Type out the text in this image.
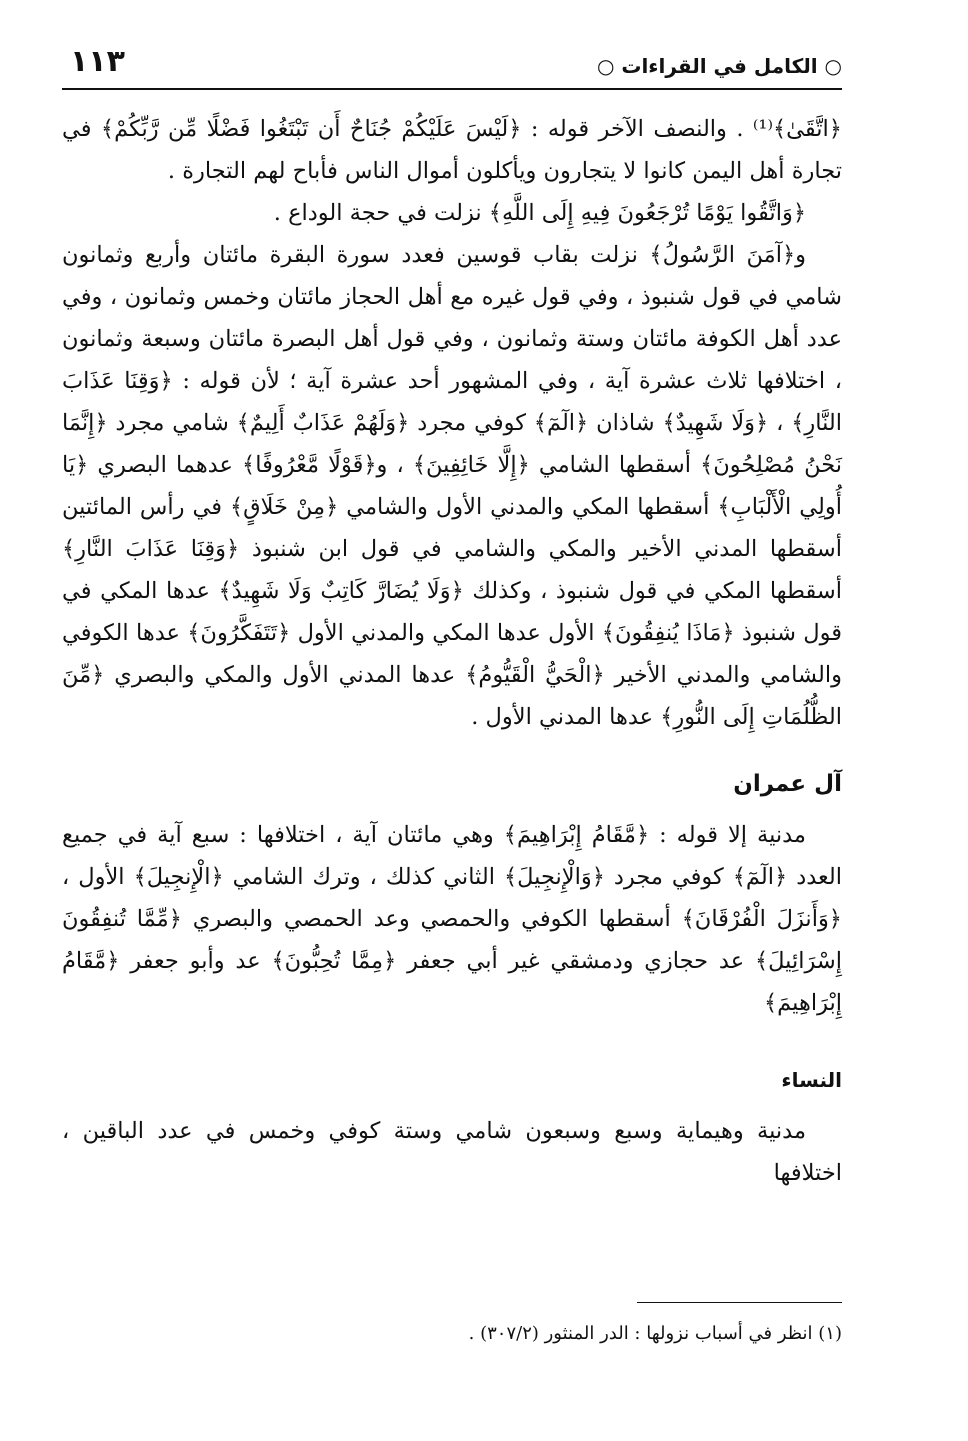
○ الكامل في القراءات ○
١١٣

﴿اتَّقَىٰ﴾⁽¹⁾ . والنصف الآخر قوله : ﴿لَيْسَ عَلَيْكُمْ جُنَاحٌ أَن تَبْتَغُوا فَضْلًا مِّن رَّبِّكُمْ﴾ في تجارة أهل اليمن كانوا لا يتجارون ويأكلون أموال الناس فأباح لهم التجارة .

﴿وَاتَّقُوا يَوْمًا تُرْجَعُونَ فِيهِ إِلَى اللَّهِ﴾ نزلت في حجة الوداع .

و﴿آمَنَ الرَّسُولُ﴾ نزلت بقاب قوسين فعدد سورة البقرة مائتان وأربع وثمانون شامي في قول شنبوذ ، وفي قول غيره مع أهل الحجاز مائتان وخمس وثمانون ، وفي عدد أهل الكوفة مائتان وستة وثمانون ، وفي قول أهل البصرة مائتان وسبعة وثمانون ، اختلافها ثلاث عشرة آية ، وفي المشهور أحد عشرة آية ؛ لأن قوله : ﴿وَقِنَا عَذَابَ النَّارِ﴾ ، ﴿وَلَا شَهِيدٌ﴾ شاذان ﴿الٓمٓ﴾ كوفي مجرد ﴿وَلَهُمْ عَذَابٌ أَلِيمٌ﴾ شامي مجرد ﴿إِنَّمَا نَحْنُ مُصْلِحُونَ﴾ أسقطها الشامي ﴿إِلَّا خَائِفِينَ﴾ ، و﴿قَوْلًا مَّعْرُوفًا﴾ عدهما البصري ﴿يَا أُولِي الْأَلْبَابِ﴾ أسقطها المكي والمدني الأول والشامي ﴿مِنْ خَلَاقٍ﴾ في رأس المائتين أسقطها المدني الأخير والمكي والشامي في قول ابن شنبوذ ﴿وَقِنَا عَذَابَ النَّارِ﴾ أسقطها المكي في قول شنبوذ ، وكذلك ﴿وَلَا يُضَارَّ كَاتِبٌ وَلَا شَهِيدٌ﴾ عدها المكي في قول شنبوذ ﴿مَاذَا يُنفِقُونَ﴾ الأول عدها المكي والمدني الأول ﴿تَتَفَكَّرُونَ﴾ عدها الكوفي والشامي والمدني الأخير ﴿الْحَيُّ الْقَيُّومُ﴾ عدها المدني الأول والمكي والبصري ﴿مِّنَ الظُّلُمَاتِ إِلَى النُّورِ﴾ عدها المدني الأول .

آل عمران

مدنية إلا قوله : ﴿مَّقَامُ إِبْرَاهِيمَ﴾ وهي مائتان آية ، اختلافها : سبع آية في جميع العدد ﴿الٓمٓ﴾ كوفي مجرد ﴿وَالْإِنجِيلَ﴾ الثاني كذلك ، وترك الشامي ﴿الْإِنجِيلَ﴾ الأول ، ﴿وَأَنزَلَ الْفُرْقَانَ﴾ أسقطها الكوفي والحمصي وعد الحمصي والبصري ﴿مِّمَّا تُنفِقُونَ إِسْرَائِيلَ﴾ عد حجازي ودمشقي غير أبي جعفر ﴿مِمَّا تُحِبُّونَ﴾ عد وأبو جعفر ﴿مَّقَامُ إِبْرَاهِيمَ﴾

النساء

مدنية وهيماية وسبع وسبعون شامي وستة كوفي وخمس في عدد الباقين ، اختلافها

(١) انظر في أسباب نزولها : الدر المنثور (٣٠٧/٢) .
